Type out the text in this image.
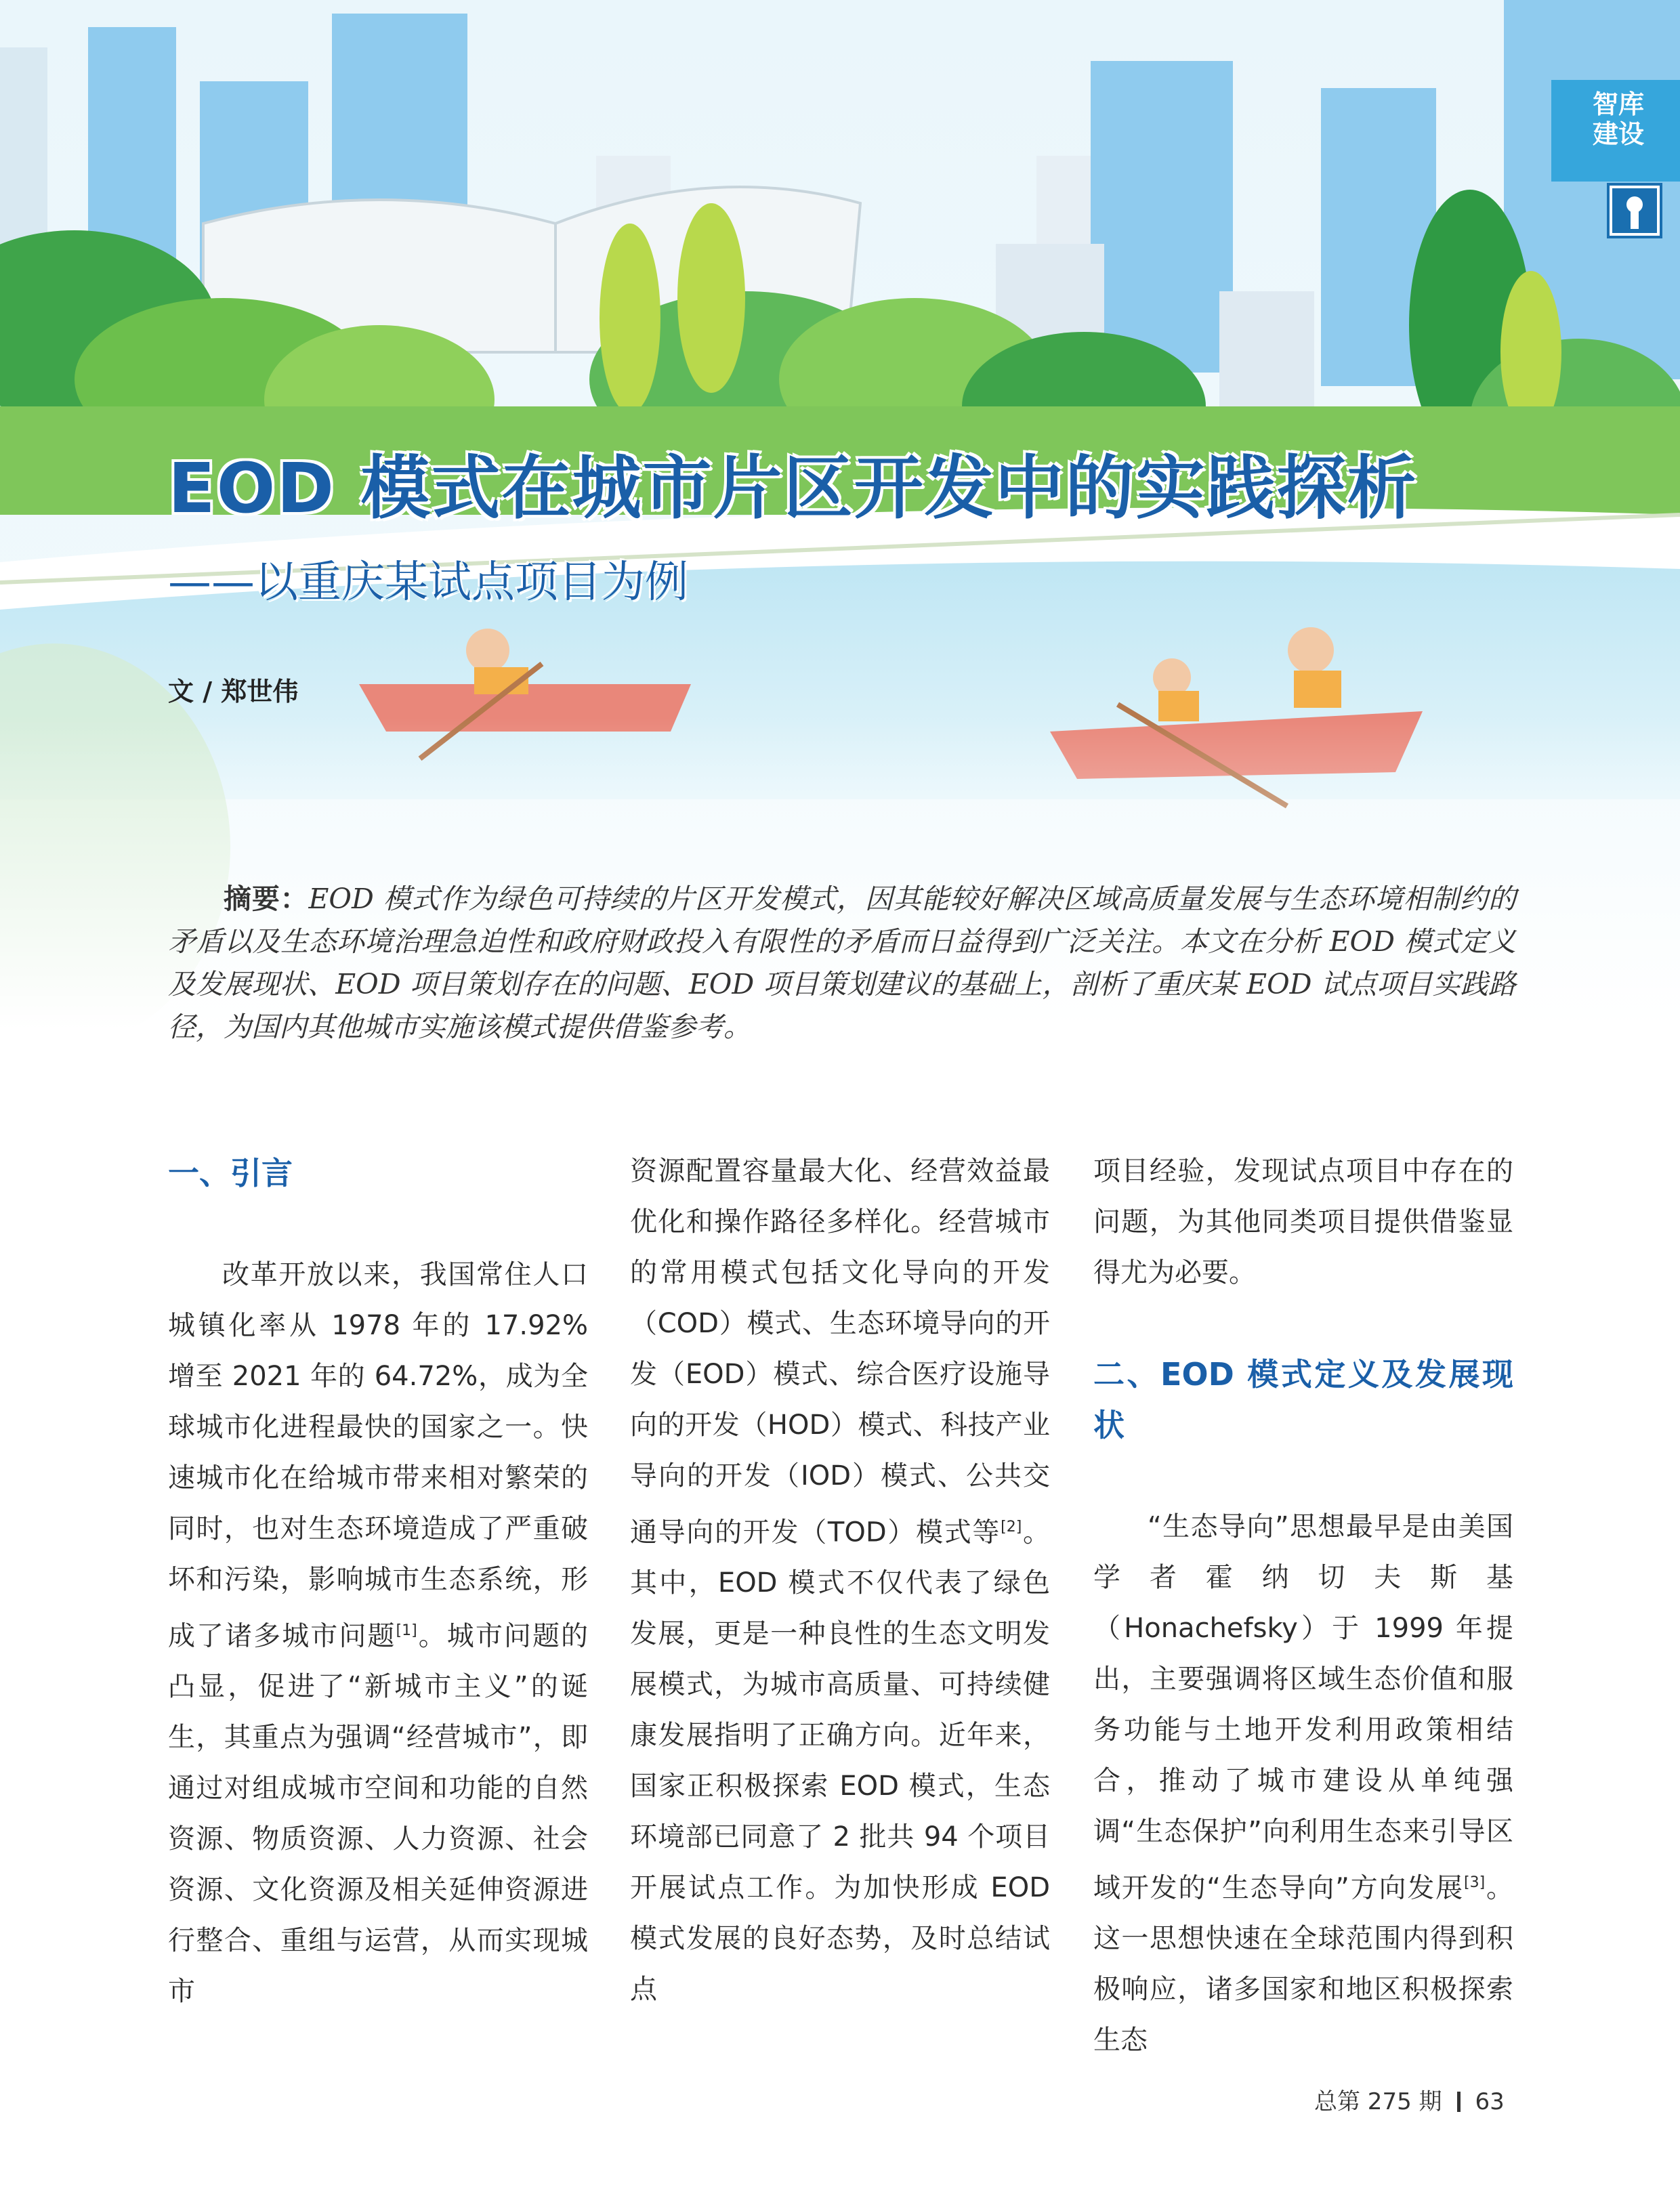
智库
建设
EOD 模式在城市片区开发中的实践探析
——以重庆某试点项目为例
文 / 郑世伟
摘要：EOD 模式作为绿色可持续的片区开发模式，因其能较好解决区域高质量发展与生态环境相制约的矛盾以及生态环境治理急迫性和政府财政投入有限性的矛盾而日益得到广泛关注。本文在分析 EOD 模式定义及发展现状、EOD 项目策划存在的问题、EOD 项目策划建议的基础上，剖析了重庆某 EOD 试点项目实践路径，为国内其他城市实施该模式提供借鉴参考。

一、引言

改革开放以来，我国常住人口城镇化率从 1978 年的 17.92% 增至 2021 年的 64.72%，成为全球城市化进程最快的国家之一。快速城市化在给城市带来相对繁荣的同时，也对生态环境造成了严重破坏和污染，影响城市生态系统，形成了诸多城市问题[1]。城市问题的凸显，促进了“新城市主义”的诞生，其重点为强调“经营城市”，即通过对组成城市空间和功能的自然资源、物质资源、人力资源、社会资源、文化资源及相关延伸资源进行整合、重组与运营，从而实现城市

资源配置容量最大化、经营效益最优化和操作路径多样化。经营城市的常用模式包括文化导向的开发（COD）模式、生态环境导向的开发（EOD）模式、综合医疗设施导向的开发（HOD）模式、科技产业导向的开发（IOD）模式、公共交通导向的开发（TOD）模式等[2]。其中，EOD 模式不仅代表了绿色发展，更是一种良性的生态文明发展模式，为城市高质量、可持续健康发展指明了正确方向。近年来，国家正积极探索 EOD 模式，生态环境部已同意了 2 批共 94 个项目开展试点工作。为加快形成 EOD 模式发展的良好态势，及时总结试点

项目经验，发现试点项目中存在的问题，为其他同类项目提供借鉴显得尤为必要。

二、EOD 模式定义及发展现状

“生态导向”思想最早是由美国学者霍纳切夫斯基（Honachefsky）于 1999 年提出，主要强调将区域生态价值和服务功能与土地开发利用政策相结合，推动了城市建设从单纯强调“生态保护”向利用生态来引导区域开发的“生态导向”方向发展[3]。这一思想快速在全球范围内得到积极响应，诸多国家和地区积极探索生态

总第 275 期 63
